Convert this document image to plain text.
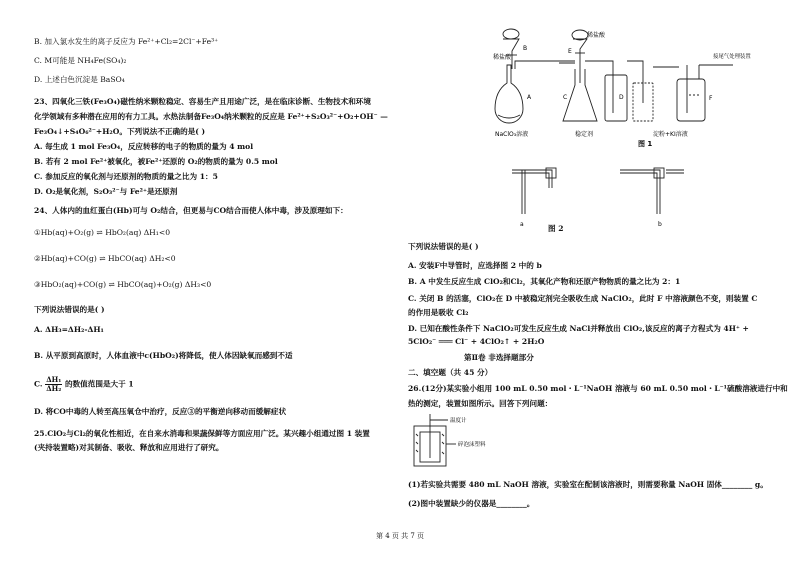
B. 加入氯水发生的离子反应为 Fe²⁺+Cl₂=2Cl⁻+Fe³⁺
C. M可能是 NH₄Fe(SO₄)₂
D. 上述白色沉淀是 BaSO₄
23、四氧化三铁(Fe₃O₄)磁性纳米颗粒稳定、容易生产且用途广泛，是在临床诊断、生物技术和环境
化学领域有多种潜在应用的有力工具。水热法制备Fe₃O₄纳米颗粒的反应是 Fe²⁺+S₂O₃²⁻+O₂+OH⁻ —
Fe₃O₄↓+S₄O₆²⁻+H₂O。下列说法不正确的是( )
A. 每生成 1 mol Fe₃O₄，反应转移的电子的物质的量为 4 mol
B. 若有 2 mol Fe²⁺被氧化，被Fe²⁺还原的 O₂的物质的量为 0.5 mol
C. 参加反应的氧化剂与还原剂的物质的量之比为 1：5
D. O₂是氧化剂，S₂O₃²⁻与 Fe²⁺是还原剂
24、人体内的血红蛋白(Hb)可与 O₂结合，但更易与CO结合而使人体中毒，涉及原理如下：
①Hb(aq)+O₂(g) ⇌ HbO₂(aq) ΔH₁<0
②Hb(aq)+CO(g) ⇌ HbCO(aq) ΔH₂<0
③HbO₂(aq)+CO(g) ⇌ HbCO(aq)+O₂(g) ΔH₃<0
下列说法错误的是( )
A. ΔH₃=ΔH₂-ΔH₁
B. 从平原到高原时，人体血液中c(HbO₂)将降低，使人体因缺氧而感到不适
C. $\frac{\text{ΔH₁}}{\text{ΔH₂}}$ 的数值范围是大于 1
D. 将CO中毒的人转至高压氧仓中治疗，反应③的平衡逆向移动而缓解症状
25.ClO₂与Cl₂的氧化性相近，在自来水消毒和果蔬保鲜等方面应用广泛。某兴趣小组通过图 1 装置
(夹持装置略)对其制备、吸收、释放和应用进行了研究。
稀盐酸
B
A
NaClO₃溶液
E
稀盐酸
C	D
稳定剂	淀粉+KI溶液
F
接尾气处理装置
图 1
a	b
图 2
下列说法错误的是( )
A. 安装F中导管时，应选择图 2 中的 b
B. A 中发生反应生成 ClO₂和Cl₂，其氧化产物和还原产物物质的量之比为 2：1
C. 关闭 B 的活塞，ClO₂在 D 中被稳定剂完全吸收生成 NaClO₂，此时 F 中溶液颜色不变，则装置 C
的作用是吸收 Cl₂
D. 已知在酸性条件下 NaClO₂可发生反应生成 NaCl并释放出 ClO₂,该反应的离子方程式为 4H⁺ +
5ClO₂⁻ ═══ Cl⁻ + 4ClO₂↑ + 2H₂O
第Ⅱ卷 非选择题部分
二、填空题（共 45 分）
26.(12分)某实验小组用 100 mL 0.50 mol・L⁻¹NaOH 溶液与 60 mL 0.50 mol・L⁻¹硫酸溶液进行中和
热的测定，装置如图所示。回答下列问题：
温度计
碎泡沫塑料
(1)若实验共需要 480 mL NaOH 溶液，实验室在配制该溶液时，则需要称量 NaOH 固体________ g。
(2)图中装置缺少的仪器是________。
第 4 页 共 7 页
